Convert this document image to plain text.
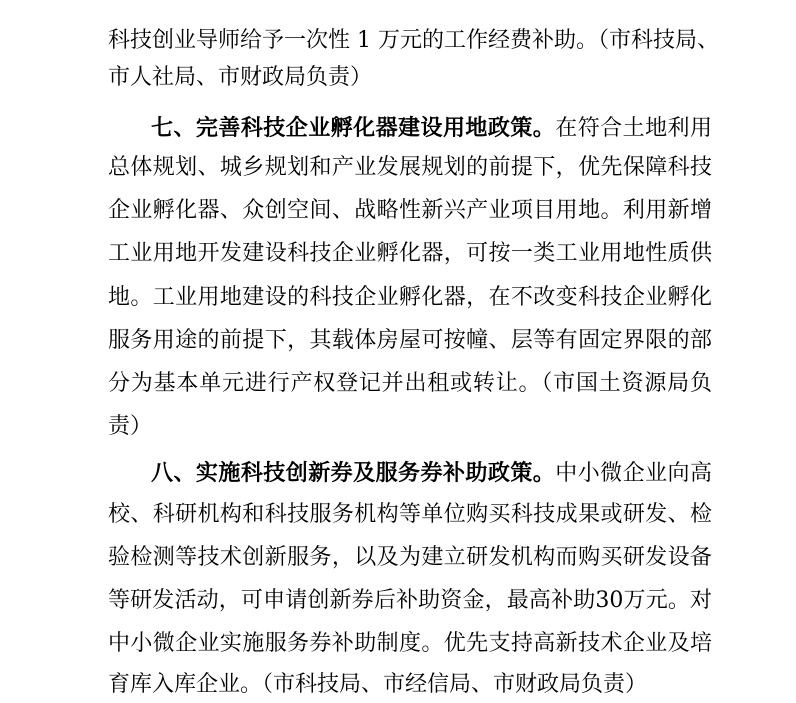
科技创业导师给予一次性 1 万元的工作经费补助。（市科技局、
市人社局、市财政局负责）
七、完善科技企业孵化器建设用地政策。在符合土地利用
总体规划、城乡规划和产业发展规划的前提下，优先保障科技
企业孵化器、众创空间、战略性新兴产业项目用地。利用新增
工业用地开发建设科技企业孵化器，可按一类工业用地性质供
地。工业用地建设的科技企业孵化器，在不改变科技企业孵化
服务用途的前提下，其载体房屋可按幢、层等有固定界限的部
分为基本单元进行产权登记并出租或转让。（市国土资源局负
责）
八、实施科技创新券及服务券补助政策。中小微企业向高
校、科研机构和科技服务机构等单位购买科技成果或研发、检
验检测等技术创新服务，以及为建立研发机构而购买研发设备
等研发活动，可申请创新券后补助资金，最高补助30万元。对
中小微企业实施服务券补助制度。优先支持高新技术企业及培
育库入库企业。（市科技局、市经信局、市财政局负责）
